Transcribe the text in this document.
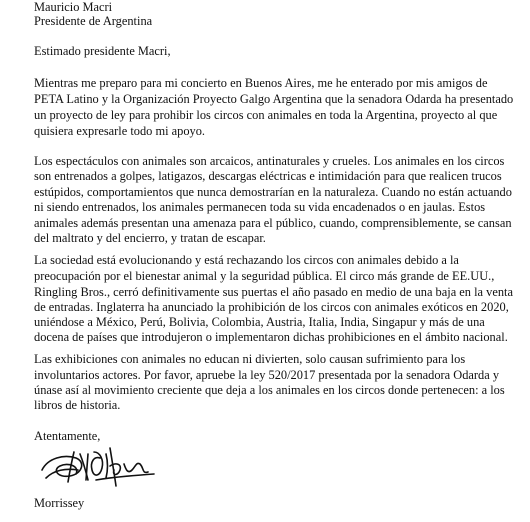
Mauricio Macri
Presidente de Argentina
Estimado presidente Macri,
Mientras me preparo para mi concierto en Buenos Aires, me he enterado por mis amigos de
PETA Latino y la Organización Proyecto Galgo Argentina que la senadora Odarda ha presentado
un proyecto de ley para prohibir los circos con animales en toda la Argentina, proyecto al que
quisiera expresarle todo mi apoyo.
Los espectáculos con animales son arcaicos, antinaturales y crueles. Los animales en los circos
son entrenados a golpes, latigazos, descargas eléctricas e intimidación para que realicen trucos
estúpidos, comportamientos que nunca demostrarían en la naturaleza. Cuando no están actuando
ni siendo entrenados, los animales permanecen toda su vida encadenados o en jaulas. Estos
animales además presentan una amenaza para el público, cuando, comprensiblemente, se cansan
del maltrato y del encierro, y tratan de escapar.
La sociedad está evolucionando y está rechazando los circos con animales debido a la
preocupación por el bienestar animal y la seguridad pública. El circo más grande de EE.UU.,
Ringling Bros., cerró definitivamente sus puertas el año pasado en medio de una baja en la venta
de entradas. Inglaterra ha anunciado la prohibición de los circos con animales exóticos en 2020,
uniéndose a México, Perú, Bolivia, Colombia, Austria, Italia, India, Singapur y más de una
docena de países que introdujeron o implementaron dichas prohibiciones en el ámbito nacional.
Las exhibiciones con animales no educan ni divierten, solo causan sufrimiento para los
involuntarios actores. Por favor, apruebe la ley 520/2017 presentada por la senadora Odarda y
únase así al movimiento creciente que deja a los animales en los circos donde pertenecen: a los
libros de historia.
Atentamente,
Morrissey
